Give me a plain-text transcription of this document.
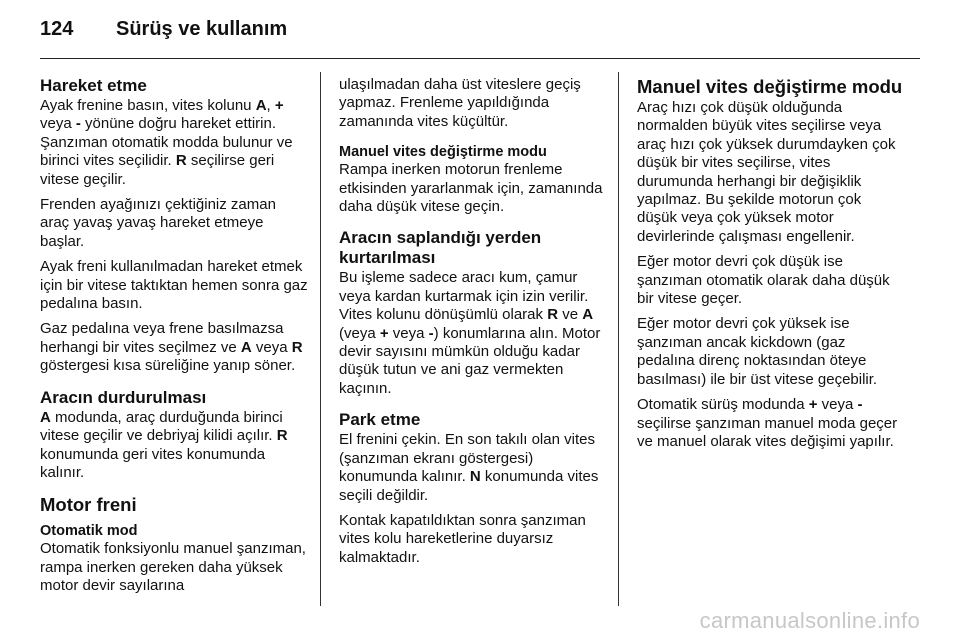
124	Sürüş ve kullanım
Hareket etme

Ayak frenine basın, vites kolunu A, + veya - yönüne doğru hareket ettirin. Şanzıman otomatik modda bulunur ve birinci vites seçilidir. R seçilirse geri vitese geçilir.

Frenden ayağınızı çektiğiniz zaman araç yavaş yavaş hareket etmeye başlar.

Ayak freni kullanılmadan hareket etmek için bir vitese taktıktan hemen sonra gaz pedalına basın.

Gaz pedalına veya frene basılmazsa herhangi bir vites seçilmez ve A veya R göstergesi kısa süreliğine yanıp söner.

Aracın durdurulması

A modunda, araç durduğunda birinci vitese geçilir ve debriyaj kilidi açılır. R konumunda geri vites konumunda kalınır.

Motor freni
Otomatik mod

Otomatik fonksiyonlu manuel şanzıman, rampa inerken gereken daha yüksek motor devir sayılarına

ulaşılmadan daha üst viteslere geçiş yapmaz. Frenleme yapıldığında zamanında vites küçültür.

Manuel vites değiştirme modu

Rampa inerken motorun frenleme etkisinden yararlanmak için, zamanında daha düşük vitese geçin.

Aracın saplandığı yerden kurtarılması

Bu işleme sadece aracı kum, çamur veya kardan kurtarmak için izin verilir. Vites kolunu dönüşümlü olarak R ve A (veya + veya -) konumlarına alın. Motor devir sayısını mümkün olduğu kadar düşük tutun ve ani gaz vermekten kaçının.

Park etme

El frenini çekin. En son takılı olan vites (şanzıman ekranı göstergesi) konumunda kalınır. N konumunda vites seçili değildir.

Kontak kapatıldıktan sonra şanzıman vites kolu hareketlerine duyarsız kalmaktadır.

Manuel vites değiştirme modu

Araç hızı çok düşük olduğunda normalden büyük vites seçilirse veya araç hızı çok yüksek durumdayken çok düşük bir vites seçilirse, vites durumunda herhangi bir değişiklik yapılmaz. Bu şekilde motorun çok düşük veya çok yüksek motor devirlerinde çalışması engellenir.

Eğer motor devri çok düşük ise şanzıman otomatik olarak daha düşük bir vitese geçer.

Eğer motor devri çok yüksek ise şanzıman ancak kickdown (gaz pedalına direnç noktasından öteye basılması) ile bir üst vitese geçebilir.

Otomatik sürüş modunda + veya - seçilirse şanzıman manuel moda geçer ve manuel olarak vites değişimi yapılır.

carmanualsonline.info
